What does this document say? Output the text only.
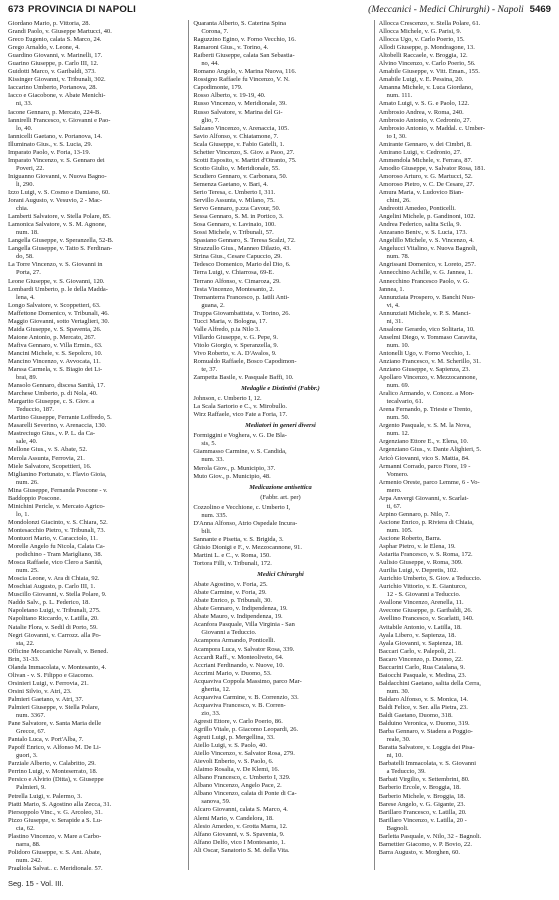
673 PROVINCIA DI NAPOLI	(Meccanici - Medici Chirurghi) - Napoli 5469
Giordano Mario, p. Vittoria, 28.
Grandi Paolo, v. Giuseppe Martucci, 40.
Greco Eugenio, calata S. Marco, 24.
Grego Arnaldo, v. Leone, 4.
Guardino Giovanni, v. Marinelli, 17.
Guarino Giuseppe, p. Carlo III, 12.
Guidotti Marco, v. Garibaldi, 373.
Kissinger Giovanni, v. Tribunali, 302.
Iaccarino Umberto, Portanova, 28.
Iacco e Giacobone, v. Abate Menichi-
ni, 33.
Iacone Gennaro, p. Mercato, 224-B.
Iannirelli Francesco, v. Giovanni e Pao-
lo, 40.
Iannicelli Gaetano, v. Portanova, 14.
Illuminato Gius., v. S. Lucia, 29.
Imparato Paolo, v. Foria, 13-19.
Imparato Vincenzo, v. S. Gennaro dei
Poveri, 22.
Iniguanno Giovanni, v. Nuova Bagno-
li, 290.
Izzo Luigi, v. S. Cosmo e Damiano, 60.
Jorani Augusto, v. Vesuvio, 2 - Mac-
chia.
Lamberti Salvatore, v. Stella Polare, 85.
Lamonica Salvatore, v. S. M. Agnone,
num. 18.
Langella Giuseppe, v. Speranzella, 52-B.
Langella Giuseppe, v. Tatto S. Ferdinan-
do, 58.
La Torre Vincenzo, v. S. Giovanni in
Porta, 27.
Leone Giuseppe, v. S. Giovanni, 120.
Lombardi Umberto, p. le della Madda-
lena, 4.
Longo Salvatore, v. Scoppetteri, 63.
Maffettone Domenico, v. Tribunali, 46.
Maggio Giovanni, sotto Vertaglieri, 30.
Maida Giuseppe, v. S. Spaventa, 26.
Maione Antonio, p. Mercato, 267.
Mafiva Gennaro, v. Villa Ermin., 63.
Mancini Michele, v. S. Sepolcro, 10.
Mancino Vincenzo, v. Avvocata, 11.
Marssa Carmela, v. S. Biagio dei Li-
brai, 89.
Mansolo Gennaro, discesa Sanità, 17.
Marchese Umberto, p. di Nola, 40.
Margarito Giuseppe, c. S. Giov. a
Teduccio, 187.
Martino Giuseppe, Ferrante Loffredo, 5.
Masarelli Severino, v. Arenaccia, 130.
Mastreciugo Gius., v. P. L. da Ca-
sale, 40.
Mellone Gius., v. S. Abate, 52.
Merola Assunta, Ferrovia, 21.
Miele Salvatore, Scopettieri, 16.
Miglianino Fortunato, v. Flavio Gioia,
num. 26.
Mina Giuseppe, Fernanda Poscone - v.
Baddoppio Poscone.
Minichini Pericle, v. Mercato Agrico-
lo, 1.
Mondolonzi Giacinto, v. S. Chiara, 52.
Montesacchio Pietro, v. Tribunali, 73.
Montuori Mario, v. Caracciolo, 11.
Morelle Angelo fu Nicola, Calata Ca-
podichino - Tram Marigliano, 38.
Mosca Raffaele, vico Clero a Sanità,
num. 25.
Moscia Leone, v. Ara di Chiaia, 92.
Moschiai Augusto, p. Carlo III, 1.
Muscillo Giovanni, v. Stella Polare, 9.
Naddo Salv., p. L. Federico, 18.
Napoletano Luigi, v. Tribunali, 275.
Napolitano Riccardo, v. Latilla, 20.
Natalie Flora, v. Sedil di Porto, 59.
Negri Giovanni, v. Carrozz. alla Po-
sta, 22.
Officine Meccaniche Navali, v. Bened.
Brin, 31-33.
Olanda Immacolata, v. Montesanto, 4.
Olivan - v. S. Filippo e Giacomo.
Orsinieri Luigi, v. Ferrovia, 21.
Orsini Silvio, v. Atri, 23.
Palmieri Gaetano, v. Atri, 37.
Palmieri Giuseppe, v. Stella Polare,
num. 3367.
Pane Salvatore, v. Santa Maria delle
Grecce, 67.
Pantalo Luca, v. Port'Alba, 7.
Papoff Enrico, v. Alfonso M. De Li-
guori, 3.
Parziale Alberto, v. Calabritto, 29.
Perrino Luigi, v. Monteserrato, 18.
Persico e Alvirio (Ditta), v. Giuseppe
Palmieri, 9.
Petrella Luigi, v. Palermo, 3.
Piatti Mario, S. Agostino alla Zecca, 31.
Piersoppolo Vinc., v. G. Arcoleo, 31.
Pizzo Giuseppe, v. Serapide a S. Lu-
cia, 62.
Plastino Vincenzo, v. Mare a Carbo-
narra, 88.
Polidoro Giuseppe, v. S. Ant. Abate,
num. 242.
Pragliola Salvat., c. Meridionale, 57.
Quaranta Alberto, S. Caterina Spina
Corona, 7.
Raguzzino Egino, v. Forno Vecchio, 16.
Ramaroni Gius., v. Torino, 4.
Raiberti Giuseppe, calata San Sebastia-
no, 44.
Romano Angelo, v. Marina Nuova, 116.
Rossigno Raffaele fu Vincenzo, V. N.
Capodimonte, 179.
Rosso Alberto, v. 19-19, 40.
Russo Vincenzo, v. Meridionale, 39.
Russo Salvatore, v. Marina del Gi-
glio, 7.
Salzano Vincenzo, v. Arenaccia, 105.
Savio Alfonso, v. Chiatamone, 7.
Scala Giuseppe, v. Fabio Gatelli, 1.
Schetter Vincenzo, S. Giov. a Paoo, 27.
Scotti Esposito, v. Martiri d'Otranto, 75.
Scotto Giulio, v. Meridionale, 55.
Scudiero Gennaro, v. Carbonara, 50.
Semenza Gaetano, v. Bari, 4.
Serio Teresa, c. Umberto I, 311.
Servillo Assunta, v. Milano, 75.
Servo Gennaro, p.zza Cavour, 50.
Sessa Gennaro, S. M. in Portico, 3.
Sosa Gennaro, v. Lavinaio, 100.
Sossi Michele, v. Tribunali, 57.
Spasiano Gennaro, S. Teresa Scalzi, 72.
Strazzullo Gius., Manneo Dilazio, 43.
Strina Gius., Cesare Capuccio, 29.
Tedesco Domenico, Mario del Dio, 6.
Terra Luigi, v. Chiarrosa, 69-E.
Terrano Alfonso, v. Cimaroza, 29.
Testa Vincenzo, Montesanto, 2.
Tremanterra Francesco, p. Iatili Anti-
guana, 2.
Truppa Giovambattista, v. Torino, 26.
Tucci Maria, v. Bologna, 17.
Valle Alfredo, p.ta Nilo 3.
Villardo Giuseppe, v. G. Pepe, 9.
Vitolo Giorgio, v. Speranzella, 9.
Vivo Roberto, v. A. D'Avalos, 9.
Romualdo Raffaele, Bosco Capodimon-
te, 37.
Zampetta Basile, v. Pasquale Baffi, 10.
Medaglie e Distintivi (Fabbr.)
Johnson, c. Umberto I, 12.
La Scala Sartorio e C., v. Mirobullo.
Wirz Raffaele, vico Fate a Foria, 17.
Mediatori in generi diversi
Formiggini e Voghera, v. G. De Bla-
sis, 5.
Giammasso Carmine, v. S. Candida,
num. 33.
Merola Giov., p. Municipio, 37.
Muto Giov., p. Municipio, 48.
Medicazione antisettica
(Fabbr. art. per)
Cozzolino e Vecchione, c. Umberto I,
num. 335.
D'Anna Alfonso, Atrio Ospedale Incura-
bili.
Sannante e Pisetta, v. S. Brigida, 3.
Ghisio Dionigi e F., v. Mezzocannone, 91.
Martini L. e C., v. Roma, 150.
Tortora Filli, v. Tribunali, 172.
Medici Chirurghi
Abate Agostino, v. Foria, 25.
Abate Carmine, v. Foria, 29.
Abate Enrico, p. Tribunali, 30.
Abate Gennaro, v. Indipendenza, 19.
Abate Mauro, v. Indipendenza, 19.
Acanfora Pasquale, Villa Virginia - San
Giovanni a Teduccio.
Acampora Armando, Ponticelli.
Acampora Luca, v. Salvator Rosa, 339.
Accardi Raff., v. Monteoliveto, 64.
Accriani Ferdinando, v. Nuove, 10.
Accrimi Mario, v. Duomo, 53.
Acquaviva Coppola Massimo, parco Mar-
gherita, 12.
Acquaviva Carmine, v. B. Correnzio, 33.
Acquaviva Francesco, v. B. Corren-
zio, 33.
Agresti Ettore, v. Carlo Poerio, 86.
Agrillo Vitale, p. Giacomo Leopardi, 26.
Agruti Luigi, p. Mergellina, 33.
Aiello Luigi, v. S. Paolo, 40.
Aiello Vincenzo, v. Salvator Rosa, 279.
Aievoli Enberto, v. S. Paolo, 6.
Alaimo Rosalia, v. De Klemi, 16.
Albano Francesco, c. Umberto I, 329.
Albano Vincenzo, Angelo Pace, 2.
Albano Vincenzo, calata di Ponte di Ca-
sanova, 59.
Alcaro Giovanni, calata S. Marco, 4.
Alemi Mario, v. Candelora, 18.
Alesio Amedeo, v. Grotta Marra, 12.
Alfano Giovanni, v. S. Spaventa, 9.
Alfano Delfo, vico I Montesanto, 1.
Ali Oscar, Sanatorio S. M. della Vita.
Allocca Crescenzo, v. Stella Polare, 61.
Allocca Michele, v. G. Parisi, 9.
Allocca Ugo, v. Carlo Poerio, 15.
Allodi Giuseppe, p. Mondragone, 13.
Altobelli Raccaele, v. Broggia, 12.
Alvino Vincenzo, v. Carlo Poerio, 56.
Amabile Giuseppe, v. Vitt. Eman., 155.
Amabile Luigi, v. E. Pessina, 20.
Amanna Michele, v. Luca Giordano,
num. 111.
Amato Luigi, v. S. G. e Paolo, 122.
Ambrosio Andrea, v. Roma, 240.
Ambrosio Antonio, v. Cedronio, 27.
Ambrosio Antonio, v. Maddal. c. Umber-
to I, 30.
Amirante Gennaro, v. dei Cimbri, 8.
Amirano Luigi, v. Cedronio, 27.
Ammendola Michele, v. Ferrara, 87.
Amodio Giuseppe, v. Salvator Rosa, 181.
Amoroso Arturo, v. G. Martucci, 52.
Amoroso Pietro, v. C. De Cesare, 27.
Amura Maria, v. Ludovico Bian-
chini, 26.
Andreotti Amedeo, Ponticelli.
Angelini Michele, p. Gandinoni, 102.
Andrea Federico, salita Scila, 9.
Anzarano Beniv., v. S. Lucia, 173.
Angelillo Michele, v. S. Vincenzo, 4.
Angelucci Vitalino, v. Nuova Bagnoli,
num. 78.
Angrissani Domenico, v. Loreto, 257.
Annecchino Achille, v. G. Jannea, 1.
Annecchino Francesco Paolo, v. G.
Jannea, 1.
Annunziata Prospero, v. Banchi Nuo-
vi, 4.
Annunziati Michele, v. P. S. Manci-
ni, 31.
Ansalone Gerardo, vico Solitaria, 10.
Anselmi Diego, v. Tommaso Caravita,
num. 10.
Antonelli Ugo, v. Forno Vecchio, 1.
Anziano Francesco, v. M. Scherillo, 31.
Anziano Giuseppe, v. Sapienza, 23.
Apollaro Vincenzo, v. Mezzocannone,
num. 69.
Aralico Armando, v. Concez. a Mon-
tecalvario, 61.
Arena Fernando, p. Trieste e Trento,
num. 50.
Argento Pasquale, v. S. M. la Nova,
num. 12.
Argenziano Ettore E., v. Elena, 10.
Argenziano Gius., v. Dante Alighieri, 5.
Aricò Giovanni, vico S. Mattia, 84.
Armanni Corrado, parco Fiore, 19 -
Vomero.
Armenio Oreste, parco Lemme, 6 - Vo-
mero.
Arpa Anvergi Giovanni, v. Scarlat-
ti, 67.
Arpino Gennaro, p. Nilo, 7.
Ascione Enrico, p. Riviera di Chiaia,
num. 105.
Ascione Roberto, Barra.
Asphar Pietro, v. le Elena, 19.
Astarita Francesco, v. S. Roma, 172.
Aulisio Giuseppe, v. Roma, 309.
Aurilia Luigi, v. Depretis, 102.
Aurichio Umberto, S. Giov. a Teduccio.
Aurichio Vittorio, v. E. Gianturco,
12 - S. Giovanni a Teduccio.
Avallone Vincenzo, Arenella, 11.
Avecone Giuseppe, p. Garibaldi, 26.
Avellino Francesco, v. Scarlatti, 140.
Avitabile Antonio, v. Latilla, 18.
Ayala Libero, v. Sapienza, 18.
Ayala Giovanni, v. Sapienza, 18.
Baccari Carlo, v. Palepoli, 21.
Bacaro Vincenzo, p. Duomo, 22.
Baccarini Carlo, Rua Catalana, 9.
Baiocchi Pasquale, v. Medina, 23.
Baldacchini Gaetano, salita della Cerra,
num. 30.
Baldaro Alfonso, v. S. Monica, 14.
Baldi Felice, v. Ser. alla Pietra, 23.
Baldi Gaetano, Duomo, 318.
Balduino Veronica, v. Duomo, 319.
Barba Gennaro, v. Stadera a Poggio-
reale, 30.
Baratta Salvatore, v. Loggia dei Pisa-
ni, 10.
Barbatelli Immacolata, v. S. Giovanni
a Teduccio, 39.
Barbati Virgilio, v. Settembrini, 80.
Barberio Ercole, v. Broggia, 18.
Barberio Michele, v. Broggia, 18.
Barese Angelo, v. G. Gigante, 23.
Barillaro Francesco, v. Latilla, 20.
Barillaro Vincenzo, v. Latilla, 20 -
Bagnoli.
Barletta Pasquale, v. Nilo, 32 - Bagnoli.
Barnettier Giacomo, v. P. Bovio, 22.
Barra Augusto, v. Morghen, 60.
Seg. 15 - Vol. III.
